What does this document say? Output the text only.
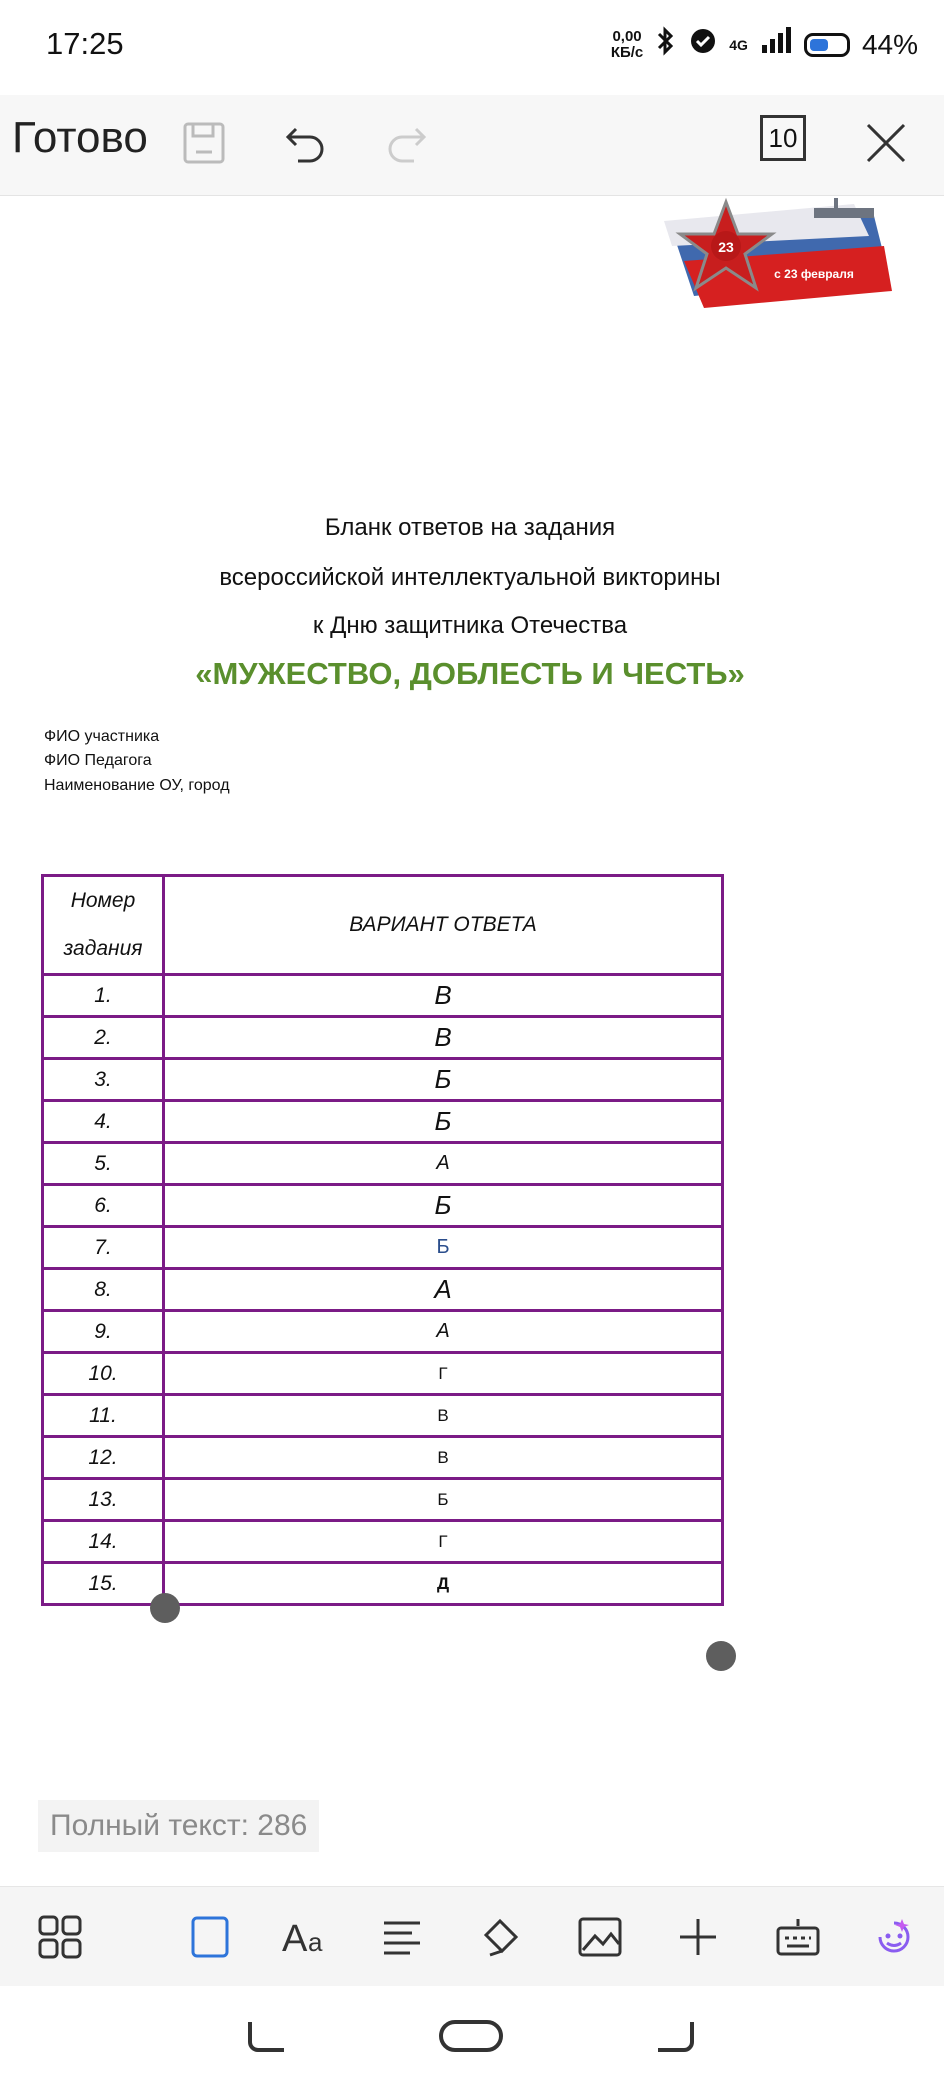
17:25	0,00
КБ/с	4G	44%
Готово	10
23
с 23 февраля
Бланк ответов на задания
всероссийской интеллектуальной викторины
к Дню защитника Отечества
«МУЖЕСТВО, ДОБЛЕСТЬ И ЧЕСТЬ»
ФИО участника
ФИО Педагога
Наименование ОУ, город
Номер
задания	ВАРИАНТ ОТВЕТА
1.	В
2.	В
3.	Б
4.	Б
5.	А
6.	Б
7.	Б
8.	А
9.	А
10.	Г
11.	В
12.	В
13.	Б
14.	Г
15.	Д
Полный текст: 286
A a
